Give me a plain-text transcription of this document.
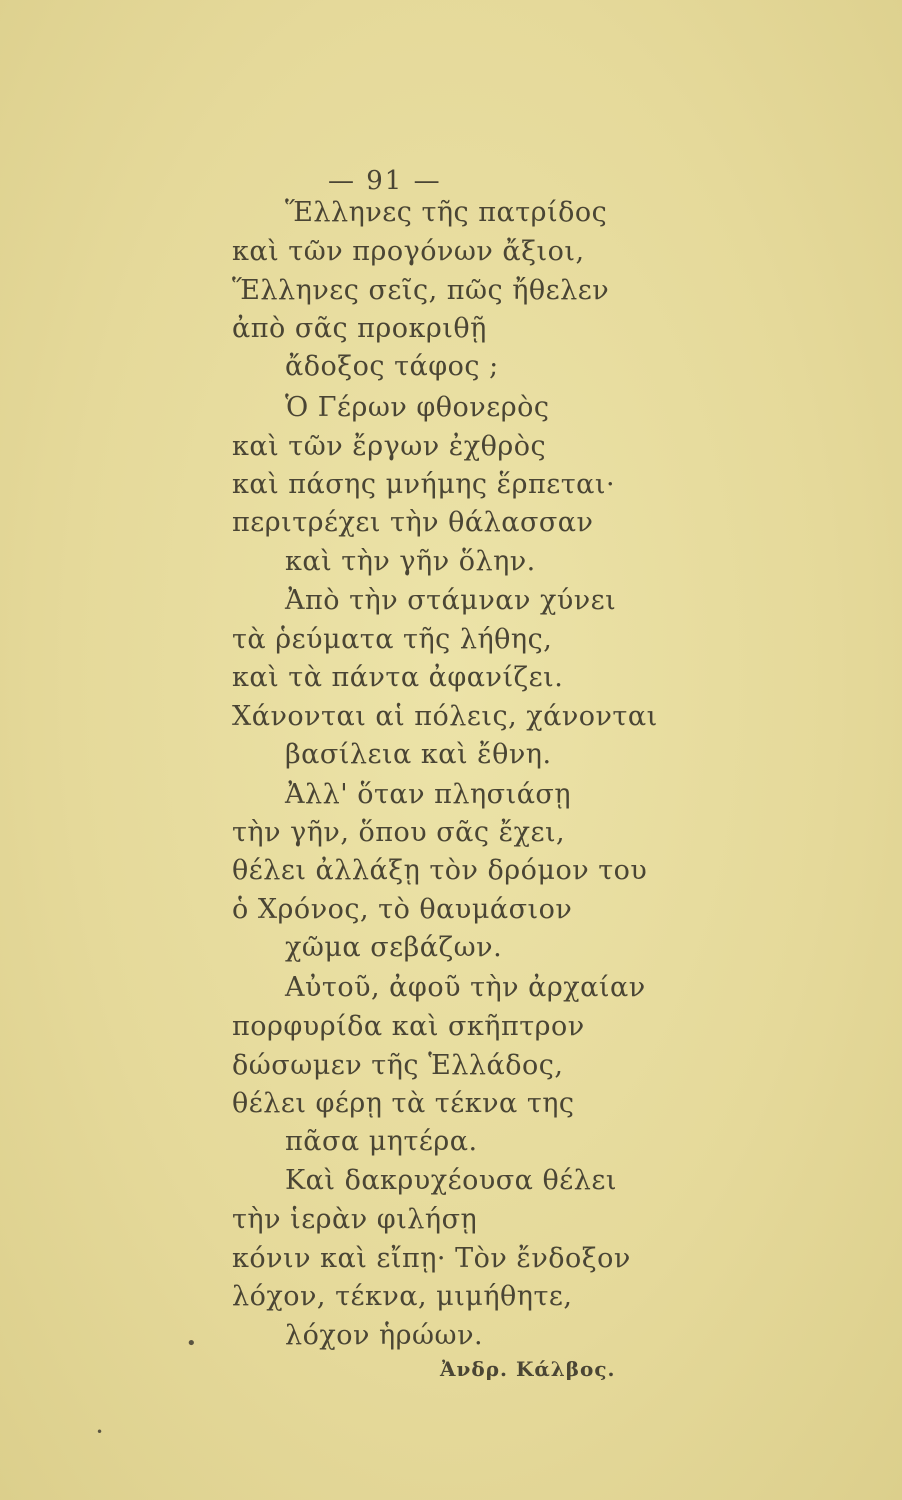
— 91 —
Ἕλληνες τῆς πατρίδος
καὶ τῶν προγόνων ἄξιοι,
Ἕλληνες σεῖς, πῶς ἤθελεν
ἀπὸ σᾶς προκριθῇ
ἄδοξος τάφος ;
Ὁ Γέρων φθονερὸς
καὶ τῶν ἔργων ἐχθρὸς
καὶ πάσης μνήμης ἕρπεται·
περιτρέχει τὴν θάλασσαν
καὶ τὴν γῆν ὅλην.
Ἀπὸ τὴν στάμναν χύνει
τὰ ῥεύματα τῆς λήθης,
καὶ τὰ πάντα ἀφανίζει.
Χάνονται αἱ πόλεις, χάνονται
βασίλεια καὶ ἔθνη.
Ἀλλ' ὅταν πλησιάσῃ
τὴν γῆν, ὅπου σᾶς ἔχει,
θέλει ἀλλάξῃ τὸν δρόμον του
ὁ Χρόνος, τὸ θαυμάσιον
χῶμα σεβάζων.
Αὐτοῦ, ἀφοῦ τὴν ἀρχαίαν
πορφυρίδα καὶ σκῆπτρον
δώσωμεν τῆς Ἑλλάδος,
θέλει φέρῃ τὰ τέκνα της
πᾶσα μητέρα.
Καὶ δακρυχέουσα θέλει
τὴν ἱερὰν φιλήσῃ
κόνιν καὶ εἴπῃ· Τὸν ἔνδοξον
λόχον, τέκνα, μιμήθητε,
λόχον ἡρώων.
Ἀνδρ. Κάλβος.
•
•
